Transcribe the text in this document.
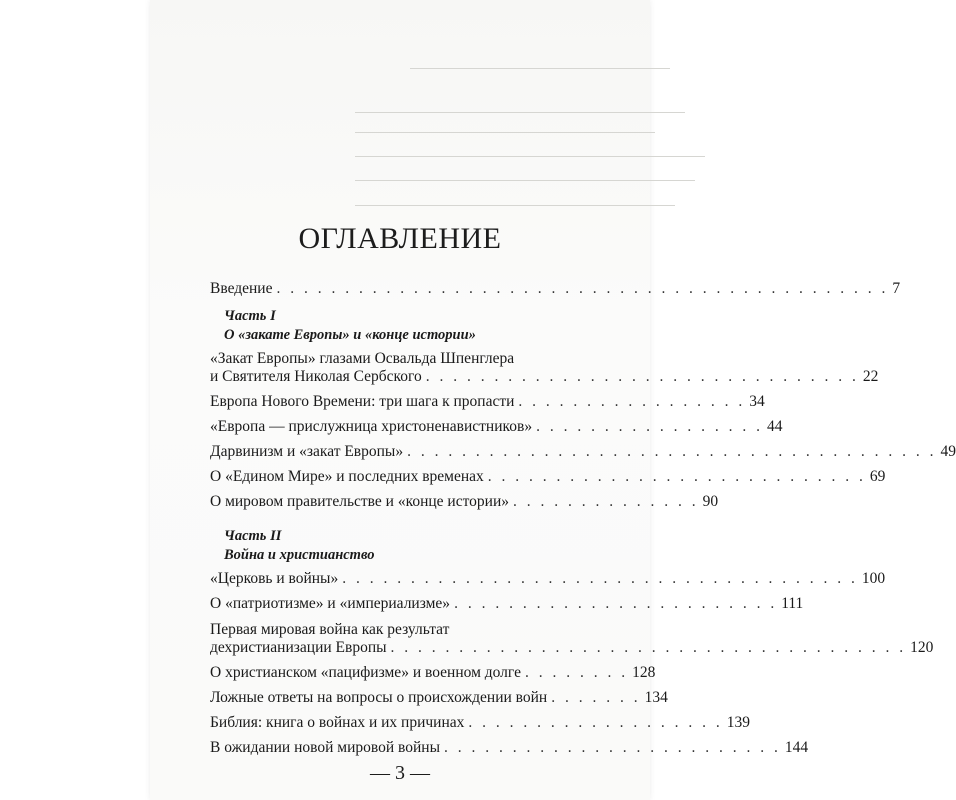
ОГЛАВЛЕНИЕ
Введение . . . . . . . . . . . . . . . . . . . . . . . . . . . . . . . . . . . . . . . . . . . . . 7
Часть I
О «закате Европы» и «конце истории»
«Закат Европы» глазами Освальда Шпенглера
и Святителя Николая Сербского . . . . . . . . . . . . . . . . . . . . . . . . . . . . . . . . 22
Европа Нового Времени: три шага к пропасти . . . . . . . . . . . . . . . . . 34
«Европа — прислужница христоненавистников» . . . . . . . . . . . . . . . . . 44
Дарвинизм и «закат Европы» . . . . . . . . . . . . . . . . . . . . . . . . . . . . . . . . . . . . . . . 49
О «Едином Мире» и последних временах . . . . . . . . . . . . . . . . . . . . . . . . . . . . 69
О мировом правительстве и «конце истории» . . . . . . . . . . . . . . 90
Часть II
Война и христианство
«Церковь и войны» . . . . . . . . . . . . . . . . . . . . . . . . . . . . . . . . . . . . . . 100
О «патриотизме» и «империализме» . . . . . . . . . . . . . . . . . . . . . . . . 111
Первая мировая война как результат
дехристианизации Европы . . . . . . . . . . . . . . . . . . . . . . . . . . . . . . . . . . . . . . 120
О христианском «пацифизме» и военном долге . . . . . . . . 128
Ложные ответы на вопросы о происхождении войн . . . . . . . 134
Библия: книга о войнах и их причинах . . . . . . . . . . . . . . . . . . . 139
В ожидании новой мировой войны . . . . . . . . . . . . . . . . . . . . . . . . . 144
— 3 —
